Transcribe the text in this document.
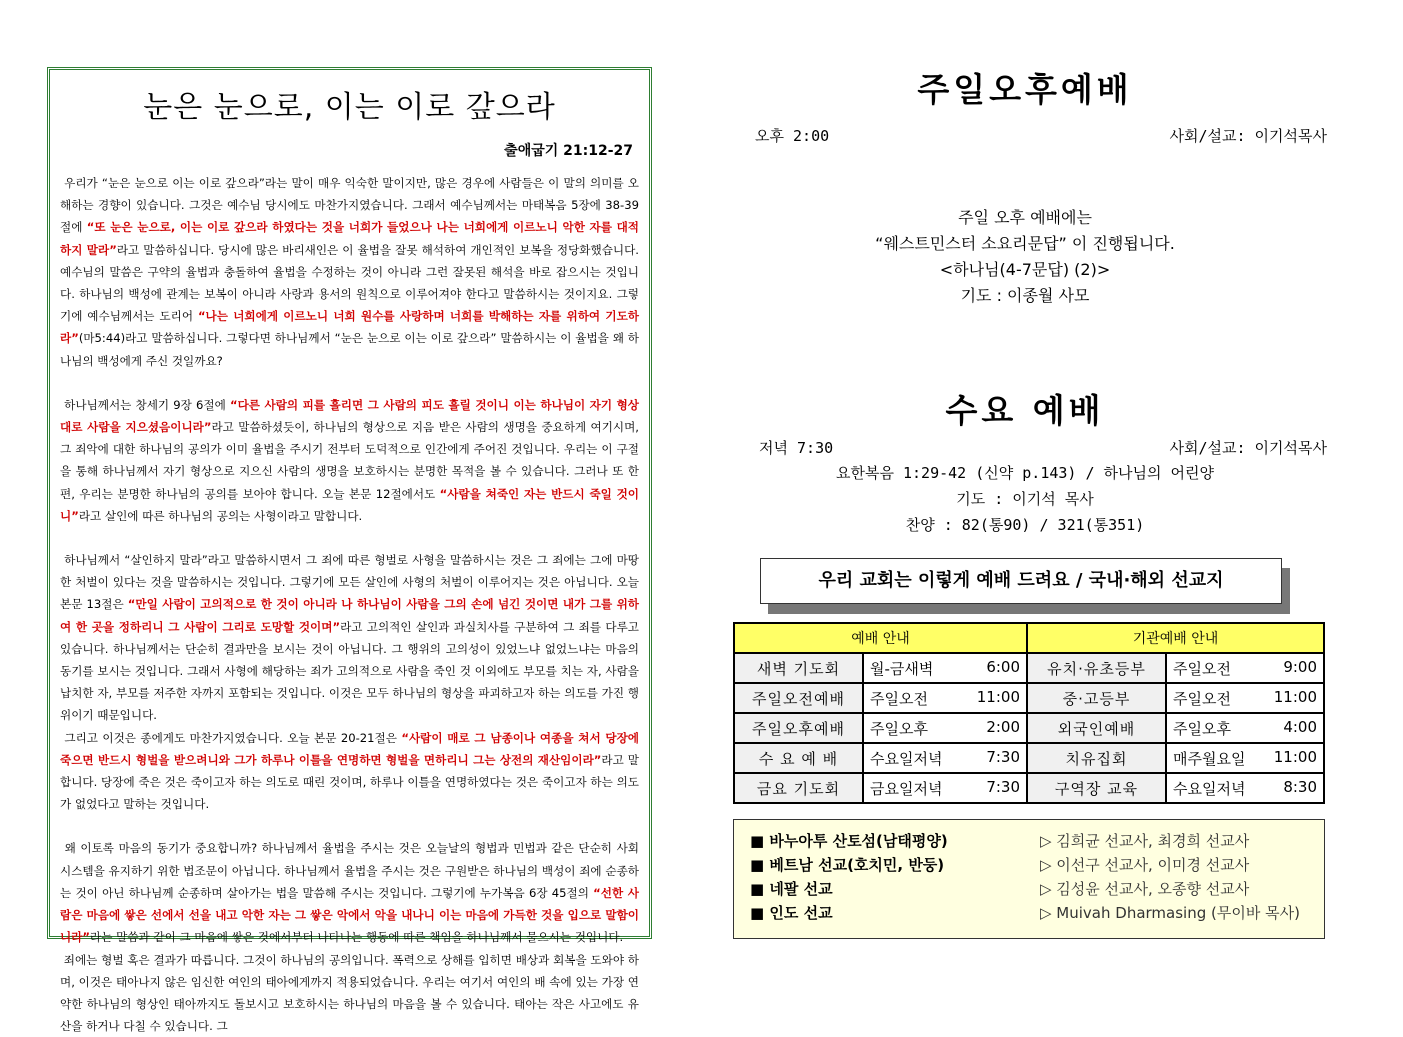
눈은 눈으로, 이는 이로 갚으라
출애굽기 21:12-27

우리가 “눈은 눈으로 이는 이로 갚으라”라는 말이 매우 익숙한 말이지만, 많은 경우에 사람들은 이 말의 의미를 오해하는 경향이 있습니다. 그것은 예수님 당시에도 마찬가지였습니다. 그래서 예수님께서는 마태복음 5장에 38-39절에 “또 눈은 눈으로, 이는 이로 갚으라 하였다는 것을 너희가 들었으나 나는 너희에게 이르노니 악한 자를 대적하지 말라”라고 말씀하십니다. 당시에 많은 바리새인은 이 율법을 잘못 해석하여 개인적인 보복을 정당화했습니다. 예수님의 말씀은 구약의 율법과 충돌하여 율법을 수정하는 것이 아니라 그런 잘못된 해석을 바로 잡으시는 것입니다. 하나님의 백성에 관계는 보복이 아니라 사랑과 용서의 원칙으로 이루어져야 한다고 말씀하시는 것이지요. 그렇기에 예수님께서는 도리어 “나는 너희에게 이르노니 너희 원수를 사랑하며 너희를 박해하는 자를 위하여 기도하라”(마5:44)라고 말씀하십니다. 그렇다면 하나님께서 “눈은 눈으로 이는 이로 갚으라” 말씀하시는 이 율법을 왜 하나님의 백성에게 주신 것일까요?

하나님께서는 창세기 9장 6절에 “다른 사람의 피를 흘리면 그 사람의 피도 흘릴 것이니 이는 하나님이 자기 형상대로 사람을 지으셨음이니라”라고 말씀하셨듯이, 하나님의 형상으로 지음 받은 사람의 생명을 중요하게 여기시며, 그 죄악에 대한 하나님의 공의가 이미 율법을 주시기 전부터 도덕적으로 인간에게 주어진 것입니다. 우리는 이 구절을 통해 하나님께서 자기 형상으로 지으신 사람의 생명을 보호하시는 분명한 목적을 볼 수 있습니다. 그러나 또 한편, 우리는 분명한 하나님의 공의를 보아야 합니다. 오늘 본문 12절에서도 “사람을 쳐죽인 자는 반드시 죽일 것이니”라고 살인에 따른 하나님의 공의는 사형이라고 말합니다.

하나님께서 “살인하지 말라”라고 말씀하시면서 그 죄에 따른 형벌로 사형을 말씀하시는 것은 그 죄에는 그에 마땅한 처벌이 있다는 것을 말씀하시는 것입니다. 그렇기에 모든 살인에 사형의 처벌이 이루어지는 것은 아닙니다. 오늘 본문 13절은 “만일 사람이 고의적으로 한 것이 아니라 나 하나님이 사람을 그의 손에 넘긴 것이면 내가 그를 위하여 한 곳을 정하리니 그 사람이 그리로 도망할 것이며”라고 고의적인 살인과 과실치사를 구분하여 그 죄를 다루고 있습니다. 하나님께서는 단순히 결과만을 보시는 것이 아닙니다. 그 행위의 고의성이 있었느냐 없었느냐는 마음의 동기를 보시는 것입니다. 그래서 사형에 해당하는 죄가 고의적으로 사람을 죽인 것 이외에도 부모를 치는 자, 사람을 납치한 자, 부모를 저주한 자까지 포함되는 것입니다. 이것은 모두 하나님의 형상을 파괴하고자 하는 의도를 가진 행위이기 때문입니다.

그리고 이것은 종에게도 마찬가지였습니다. 오늘 본문 20-21절은 “사람이 매로 그 남종이나 여종을 쳐서 당장에 죽으면 반드시 형벌을 받으려니와 그가 하루나 이틀을 연명하면 형벌을 면하리니 그는 상전의 재산임이라”라고 말합니다. 당장에 죽은 것은 죽이고자 하는 의도로 때린 것이며, 하루나 이틀을 연명하였다는 것은 죽이고자 하는 의도가 없었다고 말하는 것입니다.

왜 이토록 마음의 동기가 중요합니까? 하나님께서 율법을 주시는 것은 오늘날의 형법과 민법과 같은 단순히 사회 시스템을 유지하기 위한 법조문이 아닙니다. 하나님께서 율법을 주시는 것은 구원받은 하나님의 백성이 죄에 순종하는 것이 아닌 하나님께 순종하며 살아가는 법을 말씀해 주시는 것입니다. 그렇기에 누가복음 6장 45절의 “선한 사람은 마음에 쌓은 선에서 선을 내고 악한 자는 그 쌓은 악에서 악을 내나니 이는 마음에 가득한 것을 입으로 말함이니라”라는 말씀과 같이 그 마음에 쌓은 것에서부터 나타나는 행동에 따른 책임을 하나님께서 물으시는 것입니다.

죄에는 형벌 혹은 결과가 따릅니다. 그것이 하나님의 공의입니다. 폭력으로 상해를 입히면 배상과 회복을 도와야 하며, 이것은 태아나지 않은 임신한 여인의 태아에게까지 적용되었습니다. 우리는 여기서 여인의 배 속에 있는 가장 연약한 하나님의 형상인 태아까지도 돌보시고 보호하시는 하나님의 마음을 볼 수 있습니다. 태아는 작은 사고에도 유산을 하거나 다칠 수 있습니다. 그

주일오후예배
오후 2:00	사회/설교: 이기석목사
주일 오후 예배에는
“웨스트민스터 소요리문답” 이 진행됩니다.
<하나님(4-7문답) (2)>
기도 : 이종월 사모
수요 예배
저녁 7:30	사회/설교: 이기석목사
요한복음 1:29-42 (신약 p.143) / 하나님의 어린양
기도 : 이기석 목사
찬양 : 82(통90) / 321(통351)
우리 교회는 이렇게 예배 드려요 / 국내·해외 선교지
예배 안내		기관예배 안내	
새벽 기도회	월-금새벽 6:00	유치·유초등부	주일오전 9:00

주일오전예배	주일오전 11:00	중·고등부	주일오전 11:00

주일오후예배	주일오후 2:00	외국인예배	주일오후 4:00

수 요 예 배	수요일저녁 7:30	치유집회	매주월요일 11:00

금요 기도회	금요일저녁 7:30	구역장 교육	수요일저녁 8:30
■ 바누아투 산토섬(남태평양)	▷ 김희균 선교사, 최경희 선교사
■ 베트남 선교(호치민, 반둥)	▷ 이선구 선교사, 이미경 선교사
■ 네팔 선교	▷ 김성윤 선교사, 오종향 선교사
■ 인도 선교	▷ Muivah Dharmasing (무이바 목사)
